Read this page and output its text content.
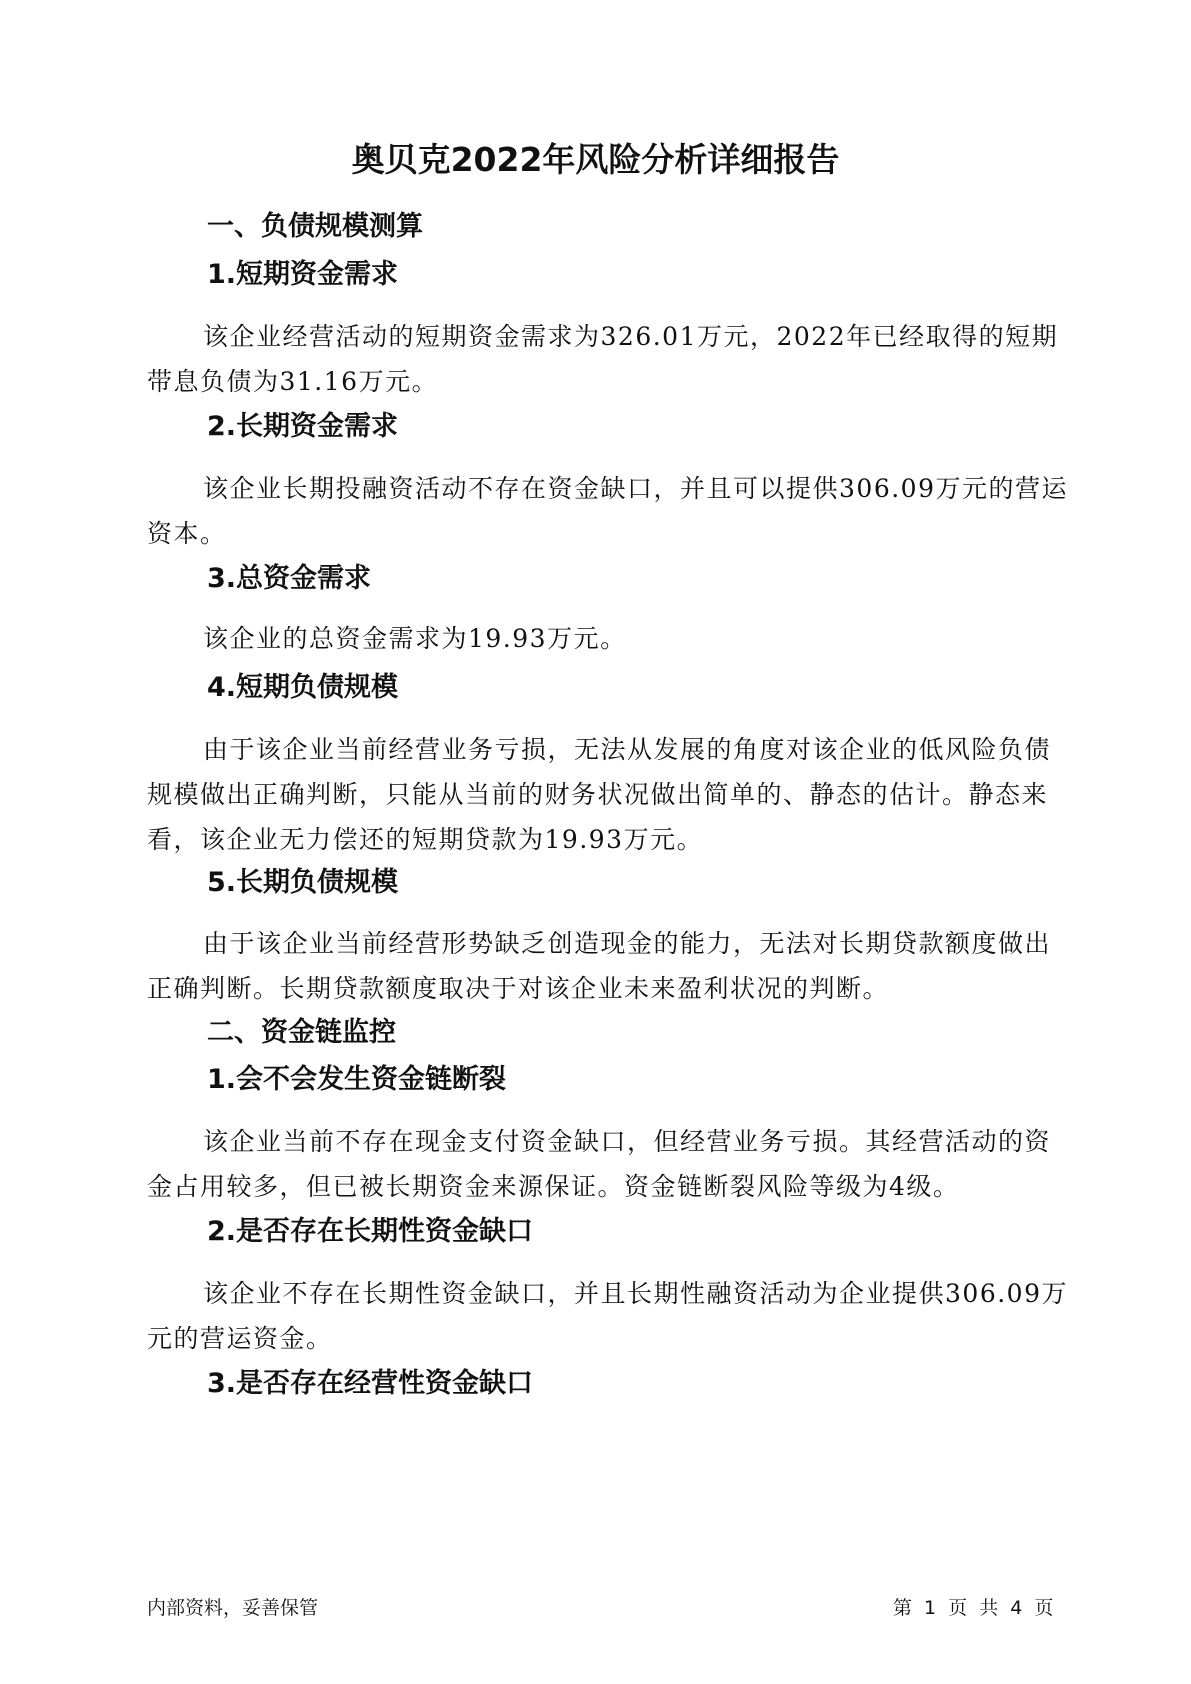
奥贝克2022年风险分析详细报告
一、负债规模测算
1.短期资金需求
该企业经营活动的短期资金需求为326.01万元，2022年已经取得的短期带息负债为31.16万元。
2.长期资金需求
该企业长期投融资活动不存在资金缺口，并且可以提供306.09万元的营运资本。
3.总资金需求
该企业的总资金需求为19.93万元。
4.短期负债规模
由于该企业当前经营业务亏损，无法从发展的角度对该企业的低风险负债规模做出正确判断，只能从当前的财务状况做出简单的、静态的估计。静态来看，该企业无力偿还的短期贷款为19.93万元。
5.长期负债规模
由于该企业当前经营形势缺乏创造现金的能力，无法对长期贷款额度做出正确判断。长期贷款额度取决于对该企业未来盈利状况的判断。
二、资金链监控
1.会不会发生资金链断裂
该企业当前不存在现金支付资金缺口，但经营业务亏损。其经营活动的资金占用较多，但已被长期资金来源保证。资金链断裂风险等级为4级。
2.是否存在长期性资金缺口
该企业不存在长期性资金缺口，并且长期性融资活动为企业提供306.09万元的营运资金。
3.是否存在经营性资金缺口
内部资料，妥善保管	第 1 页 共 4 页
